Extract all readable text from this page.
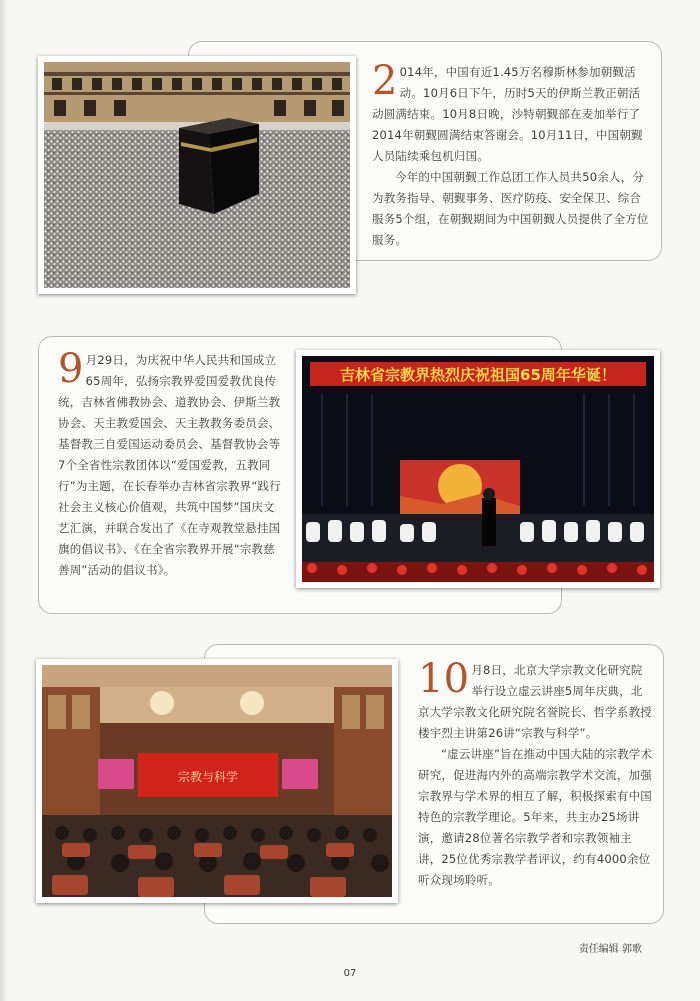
2 014年，中国有近1.45万名穆斯林参加朝觐活动。10月6日下午，历时5天的伊斯兰教正朝活动圆满结束。10月8日晚，沙特朝觐部在麦加举行了2014年朝觐圆满结束答谢会。10月11日，中国朝觐人员陆续乘包机归国。

今年的中国朝觐工作总团工作人员共50余人，分为教务指导、朝觐事务、医疗防疫、安全保卫、综合服务5个组，在朝觐期间为中国朝觐人员提供了全方位服务。

吉林省宗教界热烈庆祝祖国65周年华诞！

9 月29日，为庆祝中华人民共和国成立65周年，弘扬宗教界爱国爱教优良传统，吉林省佛教协会、道教协会、伊斯兰教协会、天主教爱国会、天主教教务委员会、基督教三自爱国运动委员会、基督教协会等7个全省性宗教团体以“爱国爱教，五教同行”为主题，在长春举办吉林省宗教界“践行社会主义核心价值观，共筑中国梦”国庆文艺汇演，并联合发出了《在寺观教堂悬挂国旗的倡议书》、《在全省宗教界开展“宗教慈善周”活动的倡议书》。

宗教与科学

10 月8日，北京大学宗教文化研究院举行设立虚云讲座5周年庆典，北京大学宗教文化研究院名誉院长、哲学系教授楼宇烈主讲第26讲“宗教与科学”。

“虚云讲座”旨在推动中国大陆的宗教学术研究，促进海内外的高端宗教学术交流，加强宗教界与学术界的相互了解，积极探索有中国特色的宗教学理论。5年来，共主办25场讲演，邀请28位著名宗教学者和宗教领袖主讲，25位优秀宗教学者评议，约有4000余位听众现场聆听。

责任编辑 郭歌
07
